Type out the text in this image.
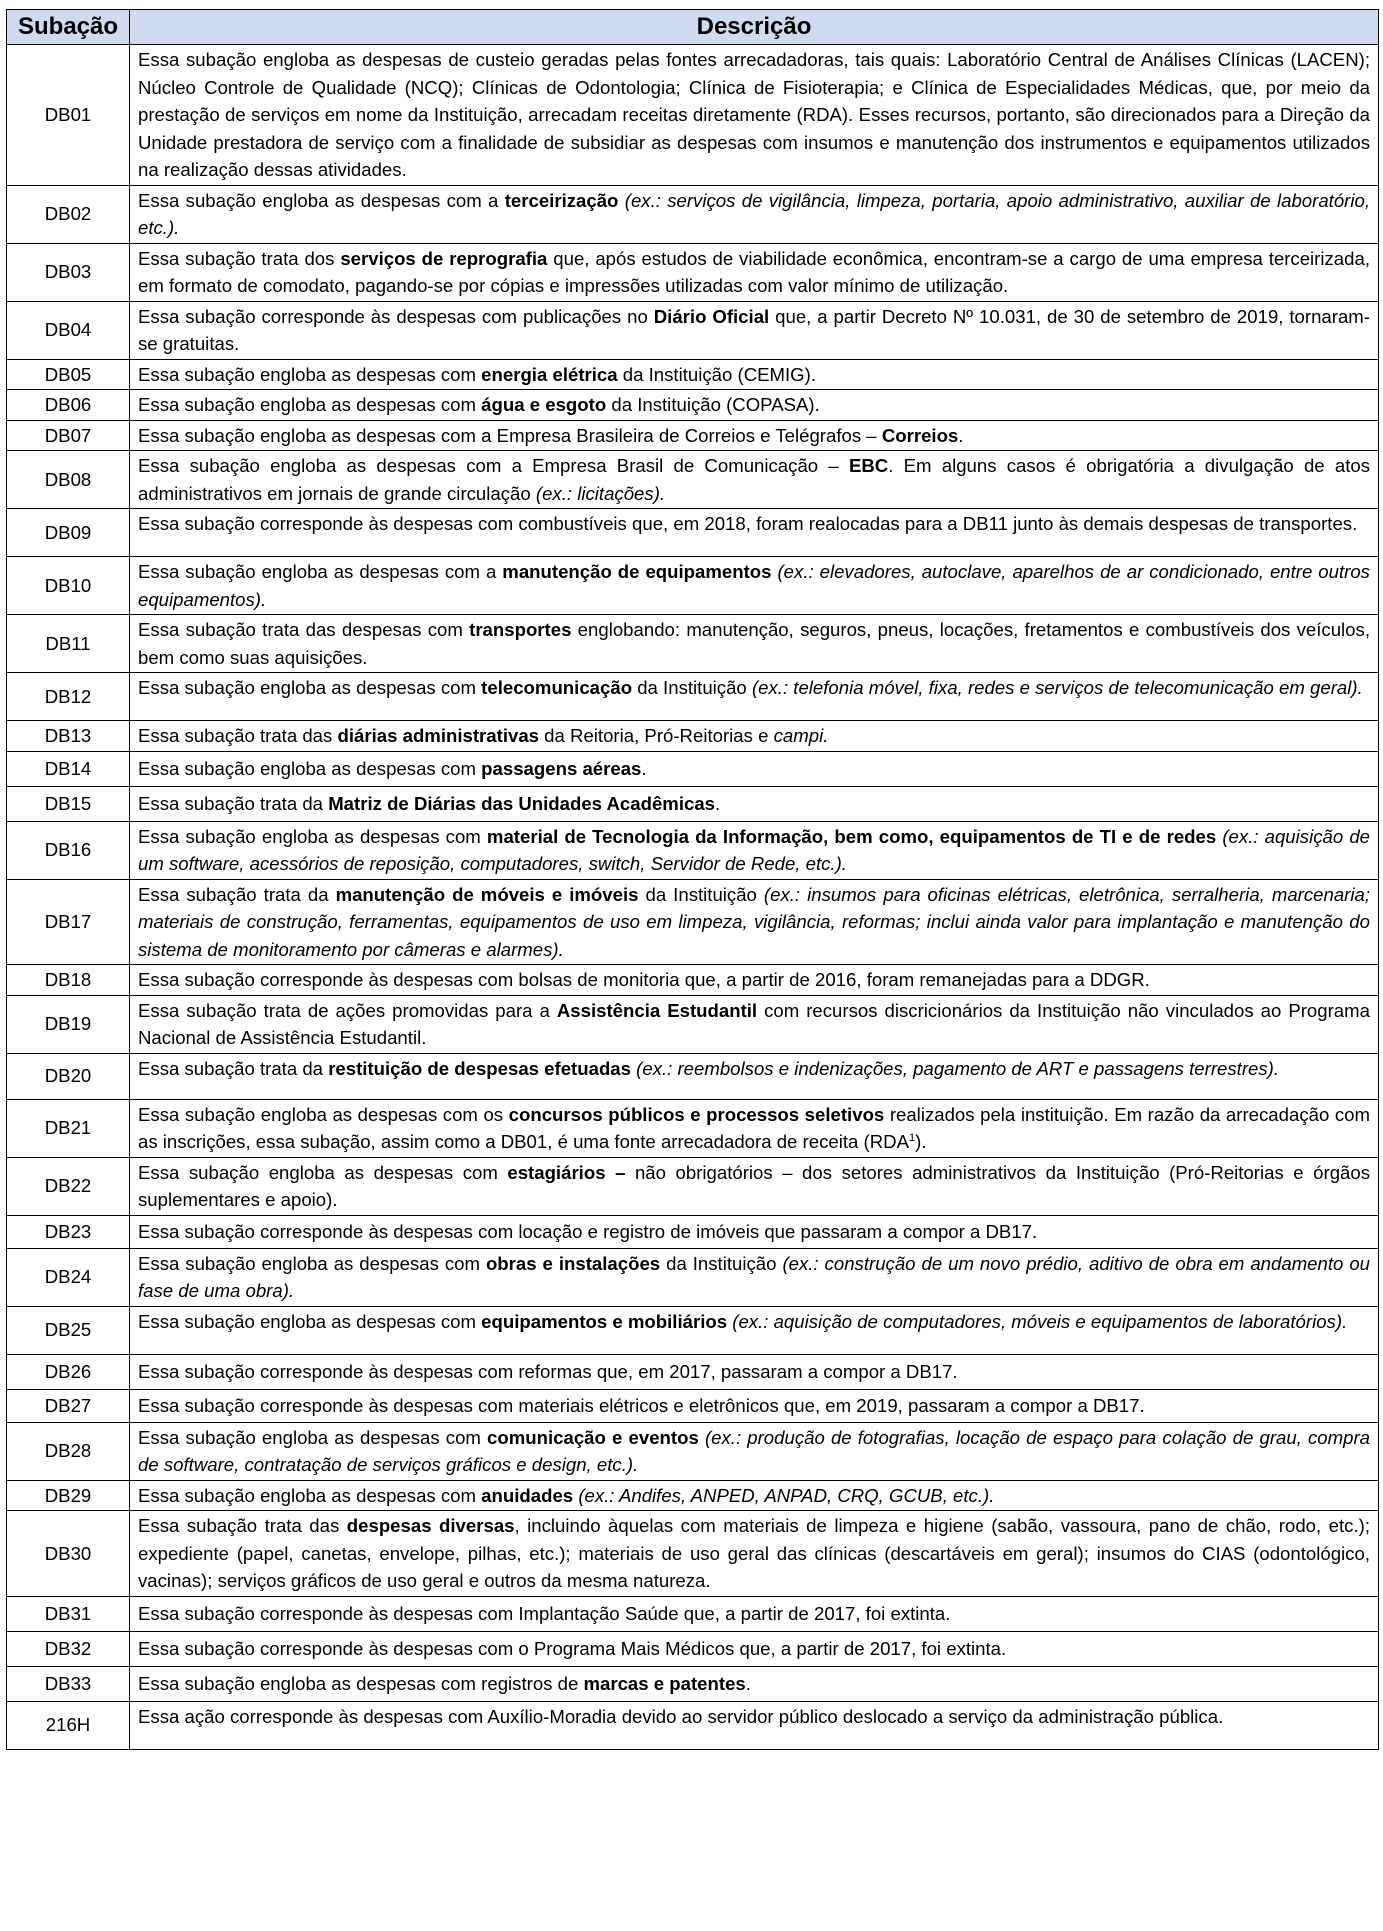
Subação	Descrição
DB01	Essa subação engloba as despesas de custeio geradas pelas fontes arrecadadoras, tais quais: Laboratório Central de Análises Clínicas (LACEN); Núcleo Controle de Qualidade (NCQ); Clínicas de Odontologia; Clínica de Fisioterapia; e Clínica de Especialidades Médicas, que, por meio da prestação de serviços em nome da Instituição, arrecadam receitas diretamente (RDA). Esses recursos, portanto, são direcionados para a Direção da Unidade prestadora de serviço com a finalidade de subsidiar as despesas com insumos e manutenção dos instrumentos e equipamentos utilizados na realização dessas atividades.
DB02	Essa subação engloba as despesas com a terceirização (ex.: serviços de vigilância, limpeza, portaria, apoio administrativo, auxiliar de laboratório, etc.).
DB03	Essa subação trata dos serviços de reprografia que, após estudos de viabilidade econômica, encontram-se a cargo de uma empresa terceirizada, em formato de comodato, pagando-se por cópias e impressões utilizadas com valor mínimo de utilização.
DB04	Essa subação corresponde às despesas com publicações no Diário Oficial que, a partir Decreto Nº 10.031, de 30 de setembro de 2019, tornaram-se gratuitas.
DB05	Essa subação engloba as despesas com energia elétrica da Instituição (CEMIG).
DB06	Essa subação engloba as despesas com água e esgoto da Instituição (COPASA).
DB07	Essa subação engloba as despesas com a Empresa Brasileira de Correios e Telégrafos – Correios.
DB08	Essa subação engloba as despesas com a Empresa Brasil de Comunicação – EBC. Em alguns casos é obrigatória a divulgação de atos administrativos em jornais de grande circulação (ex.: licitações).
DB09	Essa subação corresponde às despesas com combustíveis que, em 2018, foram realocadas para a DB11 junto às demais despesas de transportes.
DB10	Essa subação engloba as despesas com a manutenção de equipamentos (ex.: elevadores, autoclave, aparelhos de ar condicionado, entre outros equipamentos).
DB11	Essa subação trata das despesas com transportes englobando: manutenção, seguros, pneus, locações, fretamentos e combustíveis dos veículos, bem como suas aquisições.
DB12	Essa subação engloba as despesas com telecomunicação da Instituição (ex.: telefonia móvel, fixa, redes e serviços de telecomunicação em geral).
DB13	Essa subação trata das diárias administrativas da Reitoria, Pró-Reitorias e campi.
DB14	Essa subação engloba as despesas com passagens aéreas.
DB15	Essa subação trata da Matriz de Diárias das Unidades Acadêmicas.
DB16	Essa subação engloba as despesas com material de Tecnologia da Informação, bem como, equipamentos de TI e de redes (ex.: aquisição de um software, acessórios de reposição, computadores, switch, Servidor de Rede, etc.).
DB17	Essa subação trata da manutenção de móveis e imóveis da Instituição (ex.: insumos para oficinas elétricas, eletrônica, serralheria, marcenaria; materiais de construção, ferramentas, equipamentos de uso em limpeza, vigilância, reformas; inclui ainda valor para implantação e manutenção do sistema de monitoramento por câmeras e alarmes).
DB18	Essa subação corresponde às despesas com bolsas de monitoria que, a partir de 2016, foram remanejadas para a DDGR.
DB19	Essa subação trata de ações promovidas para a Assistência Estudantil com recursos discricionários da Instituição não vinculados ao Programa Nacional de Assistência Estudantil.
DB20	Essa subação trata da restituição de despesas efetuadas (ex.: reembolsos e indenizações, pagamento de ART e passagens terrestres).
DB21	Essa subação engloba as despesas com os concursos públicos e processos seletivos realizados pela instituição. Em razão da arrecadação com as inscrições, essa subação, assim como a DB01, é uma fonte arrecadadora de receita (RDA$^1$).
DB22	Essa subação engloba as despesas com estagiários – não obrigatórios – dos setores administrativos da Instituição (Pró-Reitorias e órgãos suplementares e apoio).
DB23	Essa subação corresponde às despesas com locação e registro de imóveis que passaram a compor a DB17.
DB24	Essa subação engloba as despesas com obras e instalações da Instituição (ex.: construção de um novo prédio, aditivo de obra em andamento ou fase de uma obra).
DB25	Essa subação engloba as despesas com equipamentos e mobiliários (ex.: aquisição de computadores, móveis e equipamentos de laboratórios).
DB26	Essa subação corresponde às despesas com reformas que, em 2017, passaram a compor a DB17.
DB27	Essa subação corresponde às despesas com materiais elétricos e eletrônicos que, em 2019, passaram a compor a DB17.
DB28	Essa subação engloba as despesas com comunicação e eventos (ex.: produção de fotografias, locação de espaço para colação de grau, compra de software, contratação de serviços gráficos e design, etc.).
DB29	Essa subação engloba as despesas com anuidades (ex.: Andifes, ANPED, ANPAD, CRQ, GCUB, etc.).
DB30	Essa subação trata das despesas diversas, incluindo àquelas com materiais de limpeza e higiene (sabão, vassoura, pano de chão, rodo, etc.); expediente (papel, canetas, envelope, pilhas, etc.); materiais de uso geral das clínicas (descartáveis em geral); insumos do CIAS (odontológico, vacinas); serviços gráficos de uso geral e outros da mesma natureza.
DB31	Essa subação corresponde às despesas com Implantação Saúde que, a partir de 2017, foi extinta.
DB32	Essa subação corresponde às despesas com o Programa Mais Médicos que, a partir de 2017, foi extinta.
DB33	Essa subação engloba as despesas com registros de marcas e patentes.
216H	Essa ação corresponde às despesas com Auxílio-Moradia devido ao servidor público deslocado a serviço da administração pública.
